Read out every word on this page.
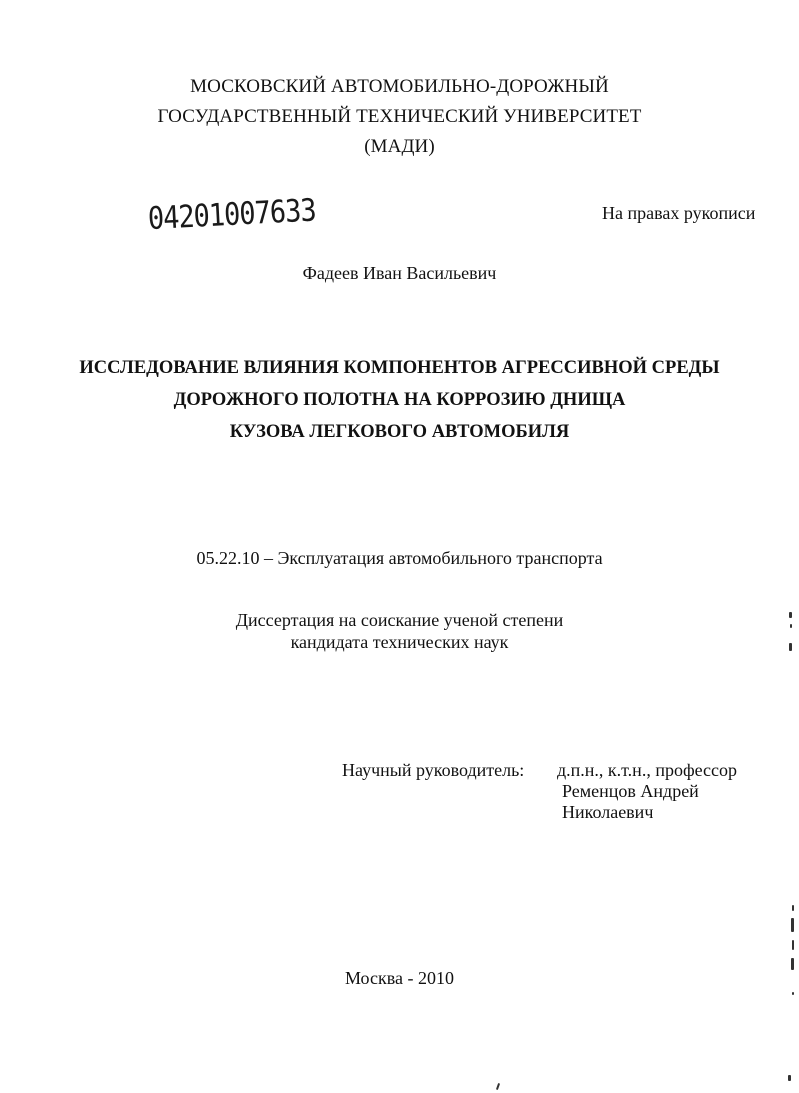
МОСКОВСКИЙ АВТОМОБИЛЬНО-ДОРОЖНЫЙ
ГОСУДАРСТВЕННЫЙ ТЕХНИЧЕСКИЙ УНИВЕРСИТЕТ
(МАДИ)
04201007633	На правах рукописи
Фадеев Иван Васильевич
ИССЛЕДОВАНИЕ ВЛИЯНИЯ КОМПОНЕНТОВ АГРЕССИВНОЙ СРЕДЫ
ДОРОЖНОГО ПОЛОТНА НА КОРРОЗИЮ ДНИЩА
КУЗОВА ЛЕГКОВОГО АВТОМОБИЛЯ
05.22.10 – Эксплуатация автомобильного транспорта
Диссертация на соискание ученой степени
кандидата технических наук
Научный руководитель: д.п.н., к.т.н., профессор
Ременцов Андрей
Николаевич
Москва - 2010
